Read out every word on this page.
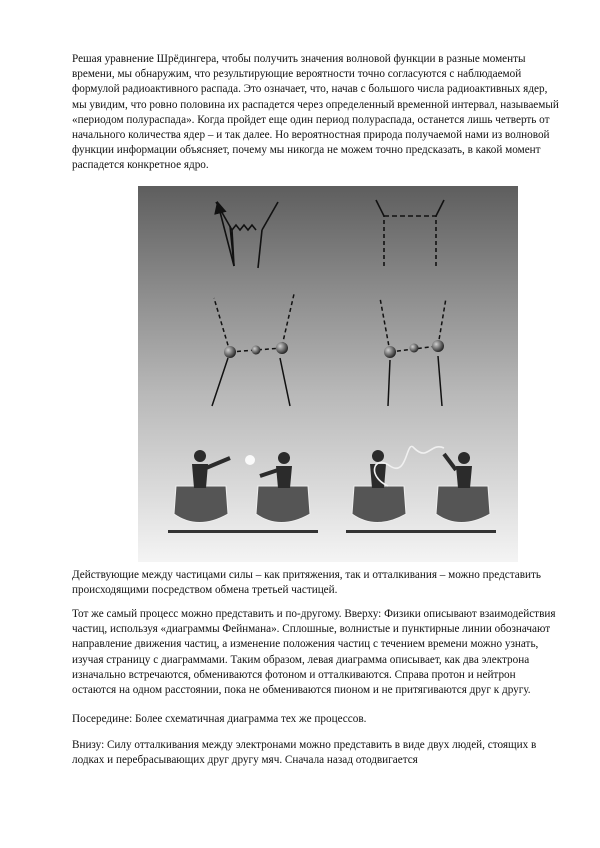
Решая уравнение Шрёдингера, чтобы получить значения волновой функции в разные моменты времени, мы обнаружим, что результирующие вероятности точно согласуются с наблюдаемой формулой радиоактивного распада. Это означает, что, начав с большого числа радиоактивных ядер, мы увидим, что ровно половина их распадется через определенный временной интервал, называемый «периодом полураспада». Когда пройдет еще один период полураспада, останется лишь четверть от начального количества ядер – и так далее. Но вероятностная природа получаемой нами из волновой функции информации объясняет, почему мы никогда не можем точно предсказать, в какой момент распадется конкретное ядро.

Действующие между частицами силы – как притяжения, так и отталкивания – можно представить происходящими посредством обмена третьей частицей.

Тот же самый процесс можно представить и по-другому. Вверху: Физики описывают взаимодействия частиц, используя «диаграммы Фейнмана». Сплошные, волнистые и пунктирные линии обозначают направление движения частиц, а изменение положения частиц с течением времени можно узнать, изучая страницу с диаграммами. Таким образом, левая диаграмма описывает, как два электрона изначально встречаются, обмениваются фотоном и отталкиваются. Справа протон и нейтрон остаются на одном расстоянии, пока не обмениваются пионом и не притягиваются друг к другу.

Посередине: Более схематичная диаграмма тех же процессов.

Внизу: Силу отталкивания между электронами можно представить в виде двух людей, стоящих в лодках и перебрасывающих друг другу мяч. Сначала назад отодвигается
